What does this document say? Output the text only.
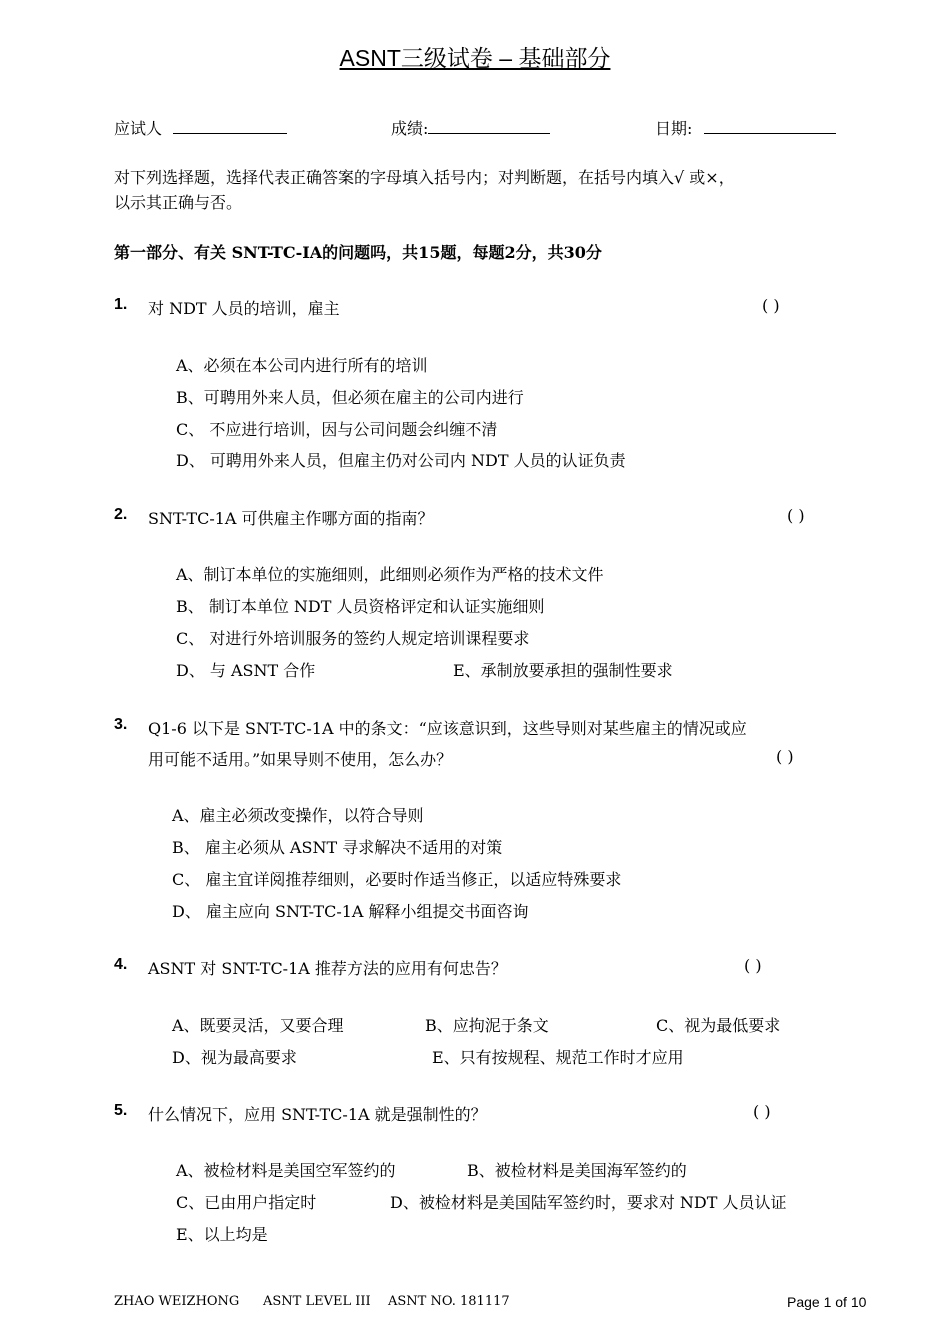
ASNT三级试卷 – 基础部分
应试人	成绩:	日期:
对下列选择题，选择代表正确答案的字母填入括号内；对判断题，在括号内填入√ 或×，
以示其正确与否。
第一部分、有关 SNT-TC-IA的问题吗，共15题，每题2分，共30分
1. 对 NDT 人员的培训，雇主	( )
A、必须在本公司内进行所有的培训
B、可聘用外来人员，但必须在雇主的公司内进行
C、 不应进行培训，因与公司问题会纠缠不清
D、 可聘用外来人员，但雇主仍对公司内 NDT 人员的认证负责
2. SNT-TC-1A 可供雇主作哪方面的指南？	( )
A、制订本单位的实施细则，此细则必须作为严格的技术文件
B、 制订本单位 NDT 人员资格评定和认证实施细则
C、 对进行外培训服务的签约人规定培训课程要求
D、 与 ASNT 合作	E、承制放要承担的强制性要求
3. Q1-6 以下是 SNT-TC-1A 中的条文：“应该意识到，这些导则对某些雇主的情况或应
用可能不适用。”如果导则不使用，怎么办？	( )
A、雇主必须改变操作，以符合导则
B、 雇主必须从 ASNT 寻求解决不适用的对策
C、 雇主宜详阅推荐细则，必要时作适当修正，以适应特殊要求
D、 雇主应向 SNT-TC-1A 解释小组提交书面咨询
4. ASNT 对 SNT-TC-1A 推荐方法的应用有何忠告？	( )
A、既要灵活，又要合理	B、应拘泥于条文	C、视为最低要求
D、视为最高要求	E、只有按规程、规范工作时才应用
5. 什么情况下，应用 SNT-TC-1A 就是强制性的？	( )
A、被检材料是美国空军签约的	B、被检材料是美国海军签约的
C、已由用户指定时	D、被检材料是美国陆军签约时，要求对 NDT 人员认证
E、以上均是
ZHAO WEIZHONG ASNT LEVEL III ASNT NO. 181117	Page 1 of 10
